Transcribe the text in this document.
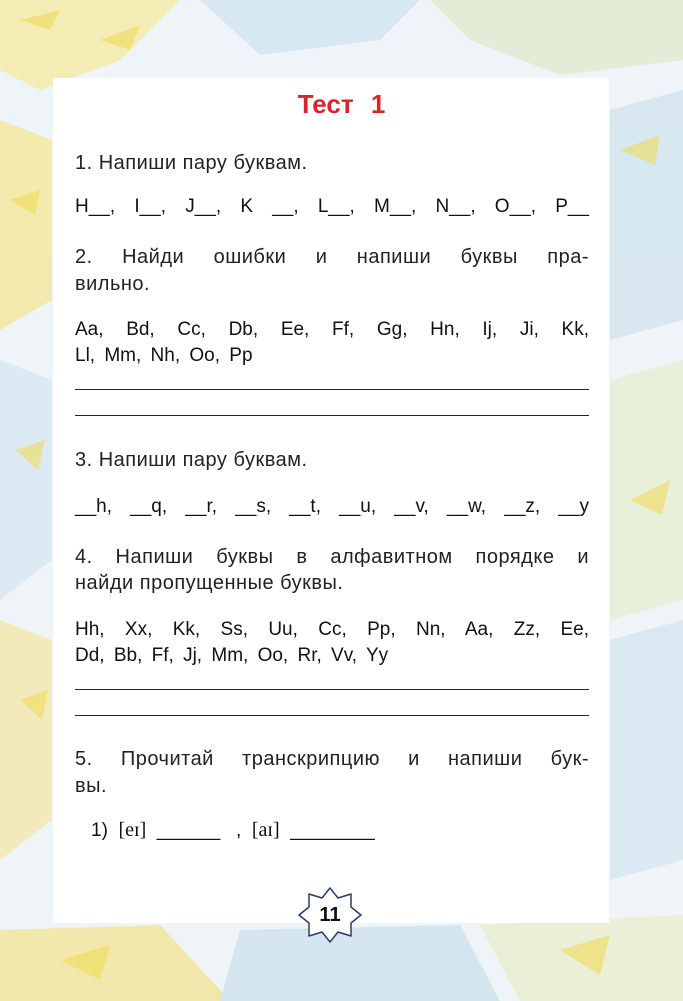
Тест 1
1. Напиши пару буквам.
H__, I__, J__, K __, L__, M__, N__, O__, P__
2. Найди ошибки и напиши буквы пра-
вильно.
Aa, Bd, Cc, Db, Ee, Ff, Gg, Hn, Ij, Ji, Kk,
Ll, Mm, Nh, Oo, Pp
3. Напиши пару буквам.
__h, __q, __r, __s, __t, __u, __v, __w, __z, __y
4. Напиши буквы в алфавитном порядке и
найди пропущенные буквы.
Hh, Xx, Kk, Ss, Uu, Cc, Pp, Nn, Aa, Zz, Ee,
Dd, Bb, Ff, Jj, Mm, Oo, Rr, Vv, Yy
5. Прочитай транскрипцию и напиши бук-
вы.
1) [eɪ] ______ , [aɪ] ________
11
